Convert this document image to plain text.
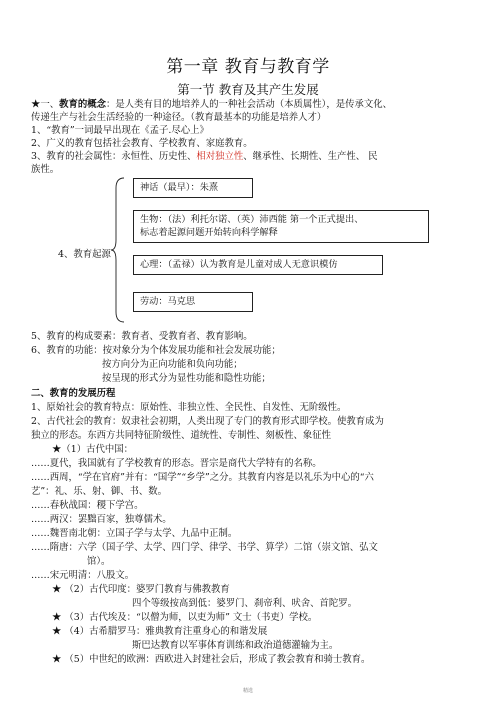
第一章 教育与教育学
第一节 教育及其产生发展
★一、教育的概念：是人类有目的地培养人的一种社会活动（本质属性），是传承文化、
传递生产与社会生活经验的一种途径。（教育最基本的功能是培养人才）
1、“教育”一词最早出现在《孟子.尽心上》
2、广义的教育包括社会教育、学校教育、家庭教育。
3、教育的社会属性：永恒性、历史性、相对独立性、继承性、长期性、生产性、 民
族性。
4、教育起源
神话（最早）：朱熹
生物：（法）利托尔诺、（英）沛西能 第一个正式提出、
标志着起源问题开始转向科学解释
心理：（孟禄）认为教育是儿童对成人无意识模仿
劳动：马克思
5、教育的构成要素：教育者、受教育者、教育影响。
6、教育的功能：按对象分为个体发展功能和社会发展功能；
按方向分为正向功能和负向功能；
按呈现的形式分为显性功能和隐性功能；
二、教育的发展历程
1、原始社会的教育特点：原始性、非独立性、全民性、自发性、无阶级性。
2、古代社会的教育：奴隶社会初期，人类出现了专门的教育形式即学校。使教育成为
独立的形态。东西方共同特征阶级性、道统性、专制性、刻板性、象征性
★（1）古代中国：
……夏代，我国就有了学校教育的形态。晋宗是商代大学特有的名称。
……西周，“学在官府”并有：“国学”“乡学”之分。其教育内容是以礼乐为中心的“六
艺”：礼、乐、射、御、书、数。
……春秋战国：稷下学宫。
……两汉：罢黜百家，独尊儒术。
……魏晋南北朝：立国子学与太学、九品中正制。
……隋唐：六学（国子学、太学、四门学、律学、书学、算学）二馆（崇文馆、弘文
馆）。
……宋元明清：八股文。
★ （2）古代印度：婆罗门教育与佛教教育
四个等级按高到低：婆罗门、刹帝利、吠舍、首陀罗。
★ （3）古代埃及：“以僧为师，以吏为师” 文士（书吏）学校。
★ （4）古希腊罗马：雅典教育注重身心的和谐发展
斯巴达教育以军事体育训练和政治道德灌输为主。
★ （5）中世纪的欧洲：西欧进入封建社会后，形成了教会教育和骑士教育。
精选
